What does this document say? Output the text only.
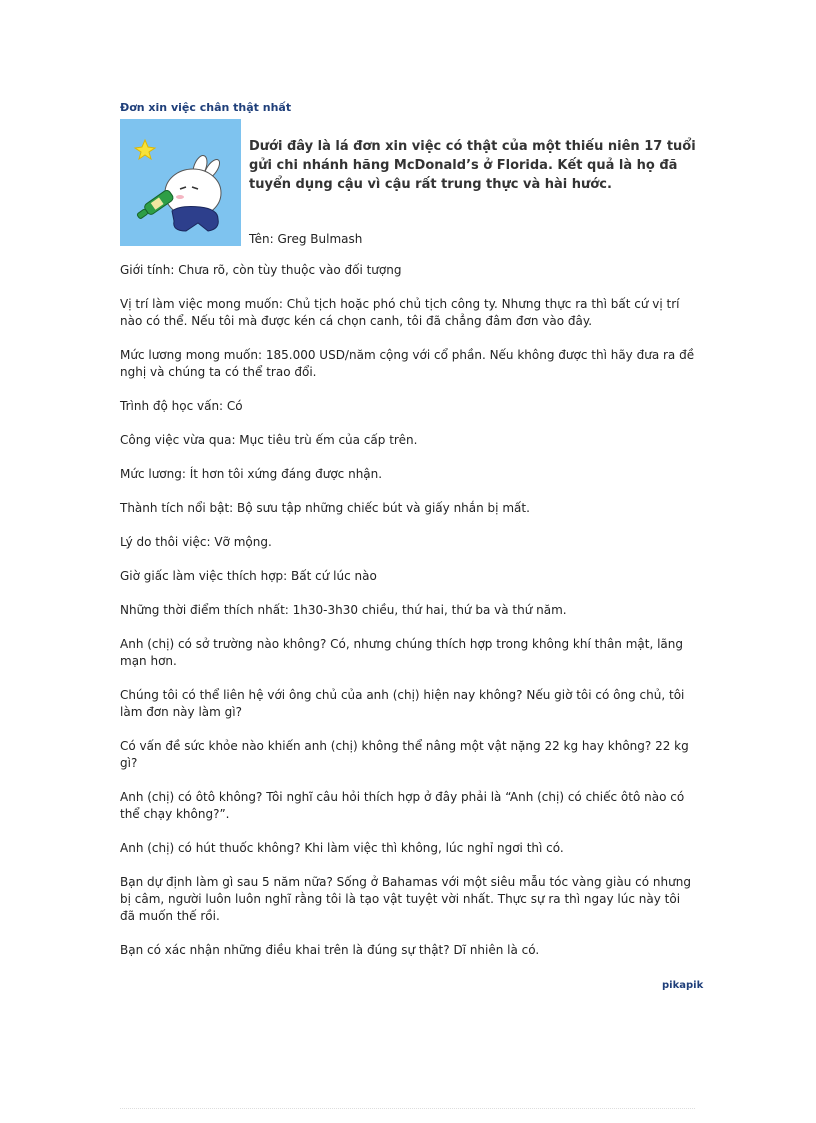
Đơn xin việc chân thật nhất

Dưới đây là lá đơn xin việc có thật của một thiếu niên 17 tuổi gửi chi nhánh hãng McDonald’s ở Florida. Kết quả là họ đã tuyển dụng cậu vì cậu rất trung thực và hài hước.

Tên: Greg Bulmash

Giới tính: Chưa rõ, còn tùy thuộc vào đối tượng

Vị trí làm việc mong muốn: Chủ tịch hoặc phó chủ tịch công ty. Nhưng thực ra thì bất cứ vị trí nào có thể. Nếu tôi mà được kén cá chọn canh, tôi đã chẳng đâm đơn vào đây.

Mức lương mong muốn: 185.000 USD/năm cộng với cổ phần. Nếu không được thì hãy đưa ra đề nghị và chúng ta có thể trao đổi.

Trình độ học vấn: Có

Công việc vừa qua: Mục tiêu trù ếm của cấp trên.

Mức lương: Ít hơn tôi xứng đáng được nhận.

Thành tích nổi bật: Bộ sưu tập những chiếc bút và giấy nhắn bị mất.

Lý do thôi việc: Vỡ mộng.

Giờ giấc làm việc thích hợp: Bất cứ lúc nào

Những thời điểm thích nhất: 1h30-3h30 chiều, thứ hai, thứ ba và thứ năm.

Anh (chị) có sở trường nào không? Có, nhưng chúng thích hợp trong không khí thân mật, lãng mạn hơn.

Chúng tôi có thể liên hệ với ông chủ của anh (chị) hiện nay không? Nếu giờ tôi có ông chủ, tôi làm đơn này làm gì?

Có vấn đề sức khỏe nào khiến anh (chị) không thể nâng một vật nặng 22 kg hay không? 22 kg gì?

Anh (chị) có ôtô không? Tôi nghĩ câu hỏi thích hợp ở đây phải là “Anh (chị) có chiếc ôtô nào có thể chạy không?”.

Anh (chị) có hút thuốc không? Khi làm việc thì không, lúc nghỉ ngơi thì có.

Bạn dự định làm gì sau 5 năm nữa? Sống ở Bahamas với một siêu mẫu tóc vàng giàu có nhưng bị câm, người luôn luôn nghĩ rằng tôi là tạo vật tuyệt vời nhất. Thực sự ra thì ngay lúc này tôi đã muốn thế rồi.

Bạn có xác nhận những điều khai trên là đúng sự thật? Dĩ nhiên là có.

pikapik
